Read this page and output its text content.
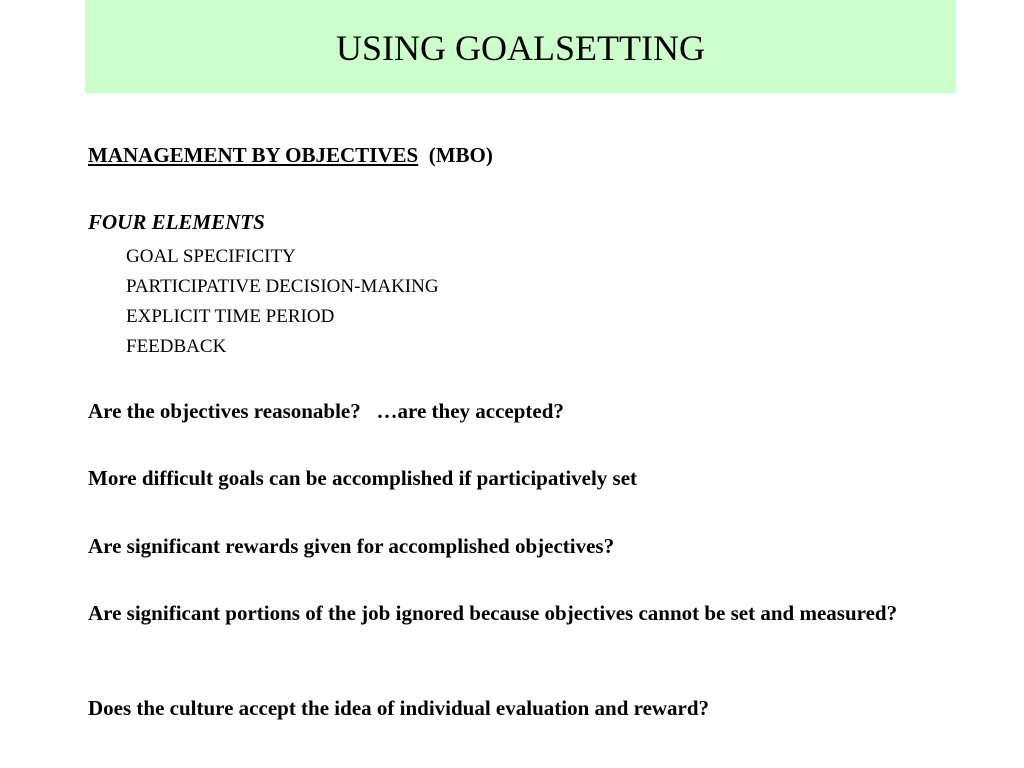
USING GOALSETTING
MANAGEMENT BY OBJECTIVES (MBO)
FOUR ELEMENTS
GOAL SPECIFICITY
PARTICIPATIVE DECISION-MAKING
EXPLICIT TIME PERIOD
FEEDBACK
Are the objectives reasonable?   …are they accepted?
More difficult goals can be accomplished if participatively set
Are significant rewards given for accomplished objectives?
Are significant portions of the job ignored because objectives cannot be set and measured?
Does the culture accept the idea of individual evaluation and reward?
